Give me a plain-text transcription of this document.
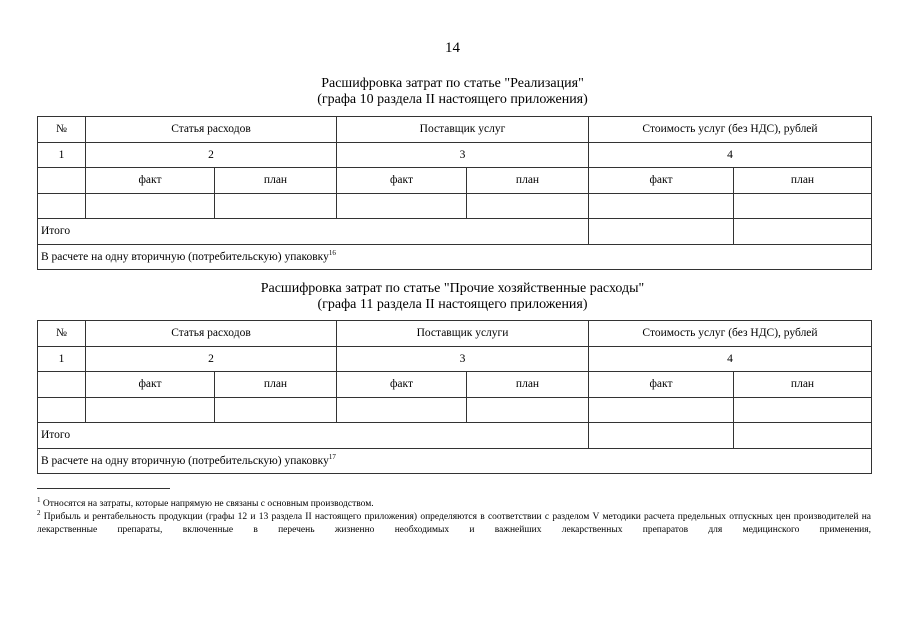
14
Расшифровка затрат по статье "Реализация"
(графа 10 раздела II настоящего приложения)
№	Статья расходов		Поставщик услуг		Стоимость услуг (без НДС), рублей	
1	2		3		4	
	факт	план	факт	план	факт	план

Итого						
В расчете на одну вторичную (потребительскую) упаковку$^{16}$
Расшифровка затрат по статье "Прочие хозяйственные расходы"
(графа 11 раздела II настоящего приложения)
№	Статья расходов		Поставщик услуги		Стоимость услуг (без НДС), рублей	
1	2		3		4	
	факт	план	факт	план	факт	план

Итого						
В расчете на одну вторичную (потребительскую) упаковку$^{17}$
$^1$ Относятся на затраты, которые напрямую не связаны с основным производством.
$^2$ Прибыль и рентабельность продукции (графы 12 и 13 раздела II настоящего приложения) определяются в соответствии с разделом V методики расчета предельных отпускных цен производителей на лекарственные препараты, включенные в перечень жизненно необходимых и важнейших лекарственных препаратов для медицинского применения,
